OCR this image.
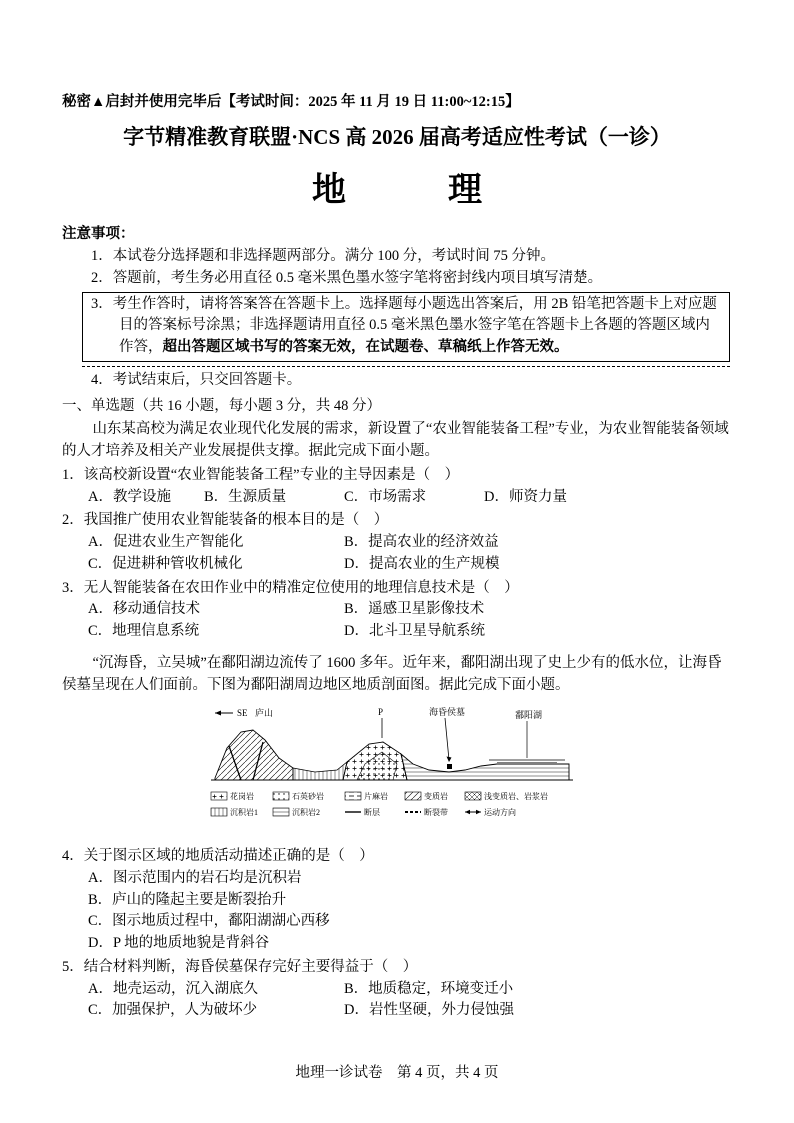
秘密▲启封并使用完毕后【考试时间：2025 年 11 月 19 日 11:00~12:15】
字节精准教育联盟·NCS 高 2026 届高考适应性考试（一诊）
地　　　理
注意事项：
1．本试卷分选择题和非选择题两部分。满分 100 分，考试时间 75 分钟。
2．答题前，考生务必用直径 0.5 毫米黑色墨水签字笔将密封线内项目填写清楚。
3．考生作答时，请将答案答在答题卡上。选择题每小题选出答案后，用 2B 铅笔把答题卡上对应题目的答案标号涂黑；非选择题请用直径 0.5 毫米黑色墨水签字笔在答题卡上各题的答题区域内作答，超出答题区域书写的答案无效，在试题卷、草稿纸上作答无效。
4．考试结束后，只交回答题卡。
一、单选题（共 16 小题，每小题 3 分，共 48 分）
山东某高校为满足农业现代化发展的需求，新设置了“农业智能装备工程”专业，为农业智能装备领域的人才培养及相关产业发展提供支撑。据此完成下面小题。
1．该高校新设置“农业智能装备工程”专业的主导因素是（　）
A．教学设施	B．生源质量	C．市场需求	D．师资力量
2．我国推广使用农业智能装备的根本目的是（　）
A．促进农业生产智能化	B．提高农业的经济效益
C．促进耕种管收机械化	D．提高农业的生产规模
3．无人智能装备在农田作业中的精准定位使用的地理信息技术是（　）
A．移动通信技术	B．遥感卫星影像技术
C．地理信息系统	D．北斗卫星导航系统
“沉海昏，立吴城”在鄱阳湖边流传了 1600 多年。近年来，鄱阳湖出现了史上少有的低水位，让海昏侯墓呈现在人们面前。下图为鄱阳湖周边地区地质剖面图。据此完成下面小题。
SE 庐山	P	海昏侯墓	鄱阳湖
花岗岩	石英砂岩	片麻岩	变质岩	浅变质岩、岩浆岩
沉积岩1	沉积岩2	断层	断裂带	运动方向
4．关于图示区域的地质活动描述正确的是（　）
A．图示范围内的岩石均是沉积岩
B．庐山的隆起主要是断裂抬升
C．图示地质过程中，鄱阳湖湖心西移
D．P 地的地质地貌是背斜谷
5．结合材料判断，海昏侯墓保存完好主要得益于（　）
A．地壳运动，沉入湖底久	B．地质稳定，环境变迁小
C．加强保护，人为破坏少	D．岩性坚硬，外力侵蚀强
地理一诊试卷　第 4 页，共 4 页
